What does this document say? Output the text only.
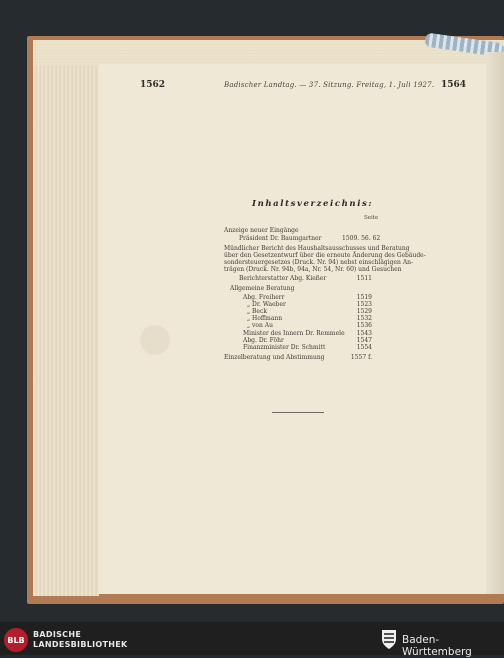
1562	Badischer Landtag. — 37. Sitzung. Freitag, 1. Juli 1927. 1564
Inhaltsverzeichnis:
Seite
Anzeige neuer Eingänge
Präsident Dr. Baumgartner	1509. 56. 62
Mündlicher Bericht des Haushaltsausschusses und Beratung
über den Gesetzentwurf über die erneute Änderung des Gebäude-
sondersteuergesetzes (Druck. Nr. 94) nebst einschlägigen An-
trägen (Druck. Nr. 94b, 94a, Nr. 54, Nr. 60) und Gesuchen
Berichterstatter Abg. Kießer	1511
Allgemeine Beratung
Abg. Freiherr	1519
„ Dr. Waeber	1523
„ Beck	1529
„ Hoffmann	1532
„ von Au	1536
Minister des Innern Dr. Remmele	1543
Abg. Dr. Föhr	1547
Finanzminister Dr. Schmitt	1554
Einzelberatung und Abstimmung	1557 f.
BLB
BADISCHE
LANDESBIBLIOTHEK	Baden-Württemberg
